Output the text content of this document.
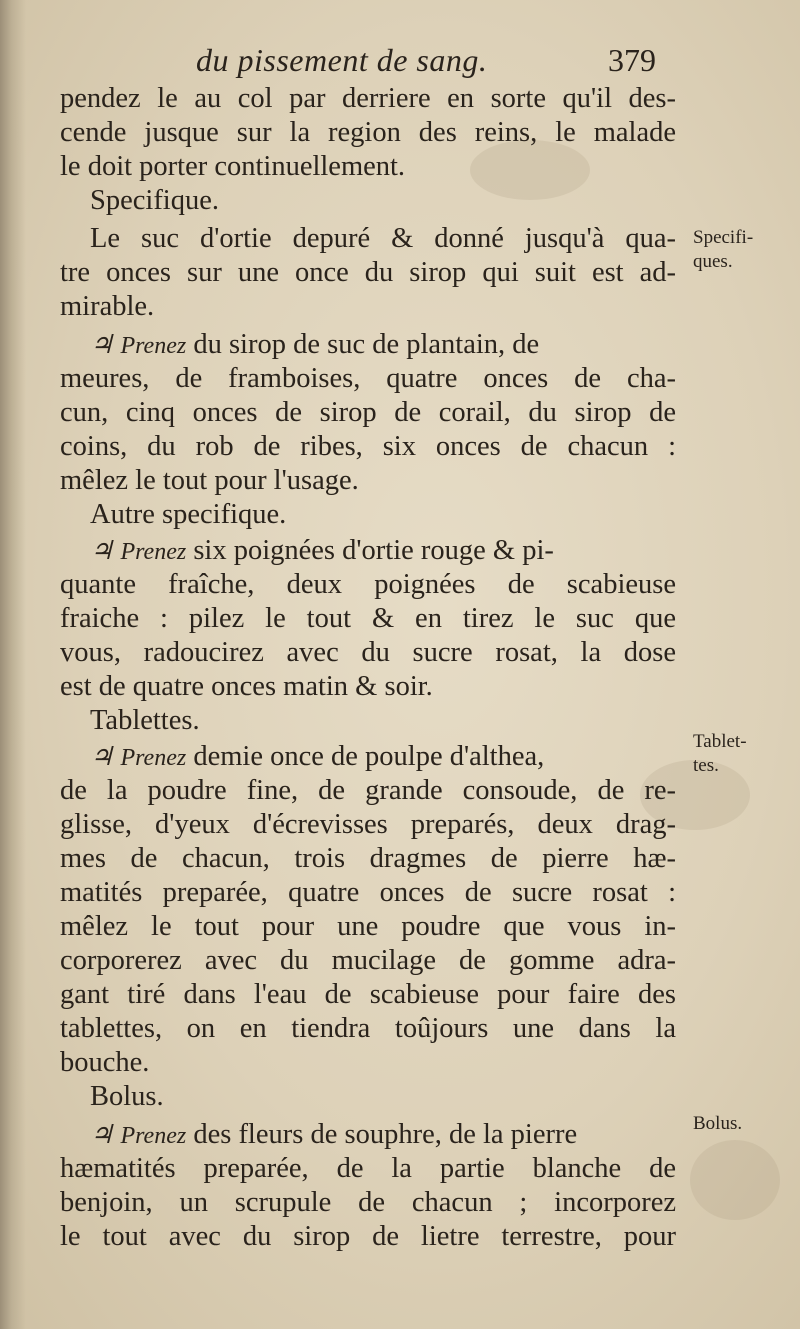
du pissement de sang.	379
pendez le au col par derriere en sorte qu'il des-
cende jusque sur la region des reins, le malade
le doit porter continuellement.
Specifique.
Le suc d'ortie depuré & donné jusqu'à qua-
tre onces sur une once du sirop qui suit est ad-
mirable.
♃ Prenez du sirop de suc de plantain, de
meures, de framboises, quatre onces de cha-
cun, cinq onces de sirop de corail, du sirop de
coins, du rob de ribes, six onces de chacun :
mêlez le tout pour l'usage.
Autre specifique.
♃ Prenez six poignées d'ortie rouge & pi-
quante fraîche, deux poignées de scabieuse
fraiche : pilez le tout & en tirez le suc que
vous, radoucirez avec du sucre rosat, la dose
est de quatre onces matin & soir.
Tablettes.
♃ Prenez demie once de poulpe d'althea,
de la poudre fine, de grande consoude, de re-
glisse, d'yeux d'écrevisses preparés, deux drag-
mes de chacun, trois dragmes de pierre hæ-
matités preparée, quatre onces de sucre rosat :
mêlez le tout pour une poudre que vous in-
corporerez avec du mucilage de gomme adra-
gant tiré dans l'eau de scabieuse pour faire des
tablettes, on en tiendra toûjours une dans la
bouche.
Bolus.
♃ Prenez des fleurs de souphre, de la pierre
hæmatités preparée, de la partie blanche de
benjoin, un scrupule de chacun ; incorporez
le tout avec du sirop de lietre terrestre, pour
Specifi-
ques.
Tablet-
tes.
Bolus.
